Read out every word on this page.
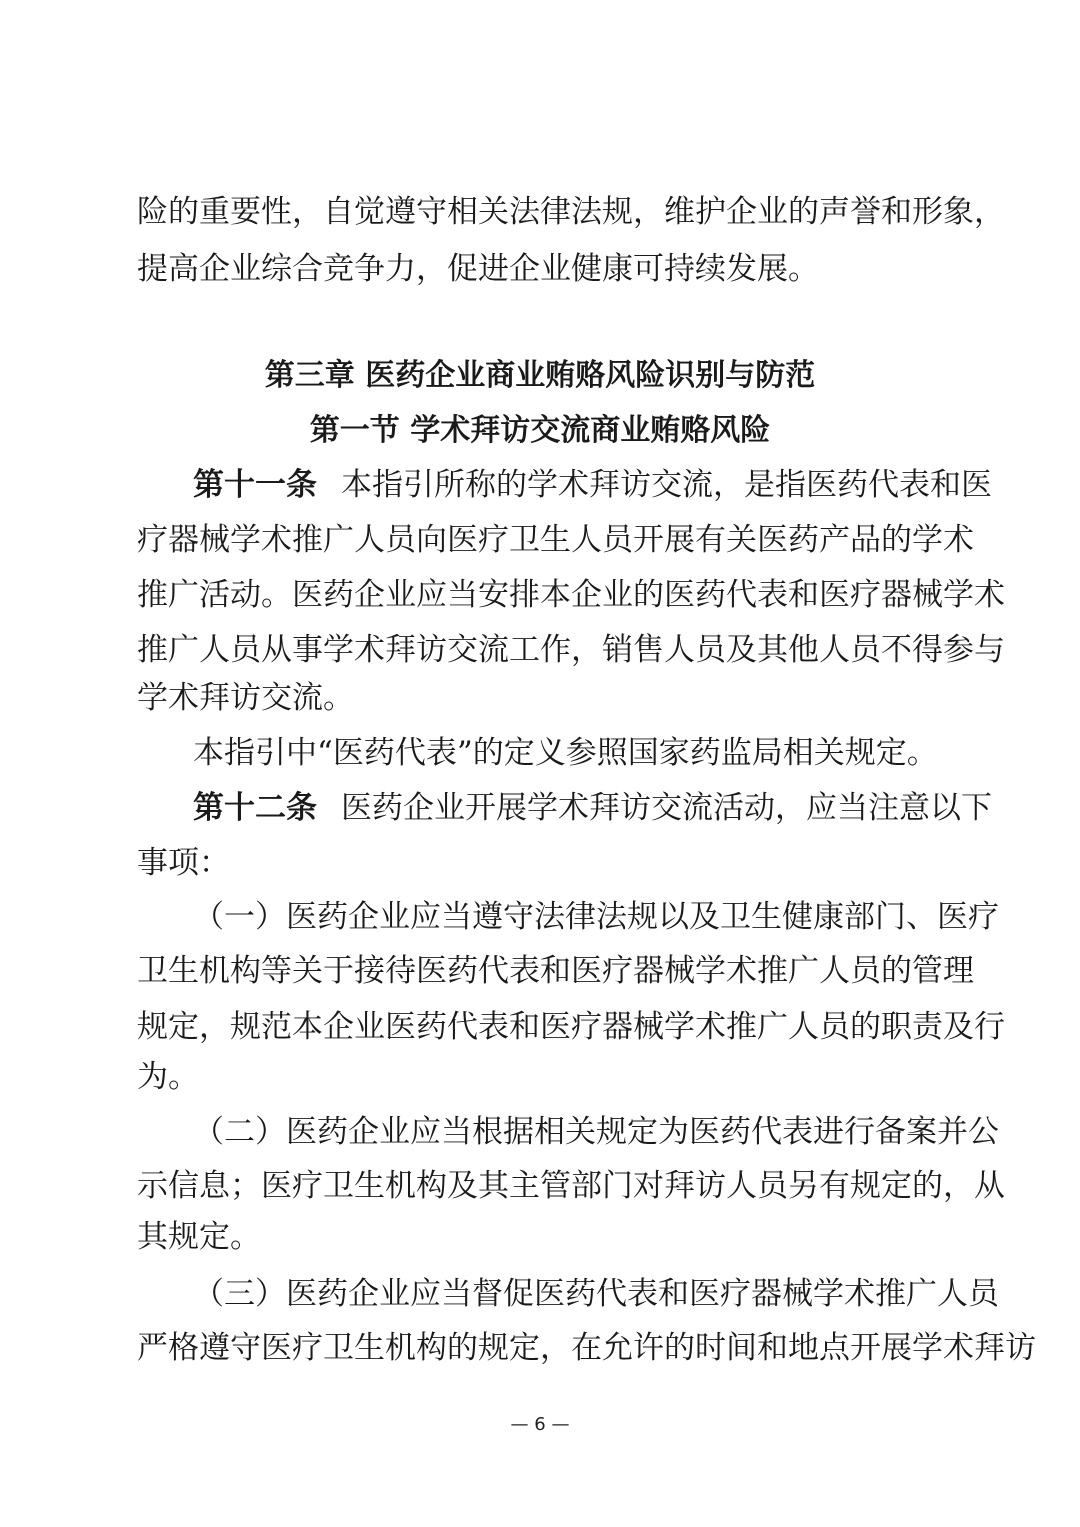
险的重要性，自觉遵守相关法律法规，维护企业的声誉和形象，
提高企业综合竞争力，促进企业健康可持续发展。
第三章 医药企业商业贿赂风险识别与防范
第一节 学术拜访交流商业贿赂风险
第十一条 本指引所称的学术拜访交流，是指医药代表和医
疗器械学术推广人员向医疗卫生人员开展有关医药产品的学术
推广活动。医药企业应当安排本企业的医药代表和医疗器械学术
推广人员从事学术拜访交流工作，销售人员及其他人员不得参与
学术拜访交流。
本指引中“医药代表”的定义参照国家药监局相关规定。
第十二条 医药企业开展学术拜访交流活动，应当注意以下
事项：
（一）医药企业应当遵守法律法规以及卫生健康部门、医疗
卫生机构等关于接待医药代表和医疗器械学术推广人员的管理
规定，规范本企业医药代表和医疗器械学术推广人员的职责及行
为。
（二）医药企业应当根据相关规定为医药代表进行备案并公
示信息；医疗卫生机构及其主管部门对拜访人员另有规定的，从
其规定。
（三）医药企业应当督促医药代表和医疗器械学术推广人员
严格遵守医疗卫生机构的规定，在允许的时间和地点开展学术拜访
— 6 —
